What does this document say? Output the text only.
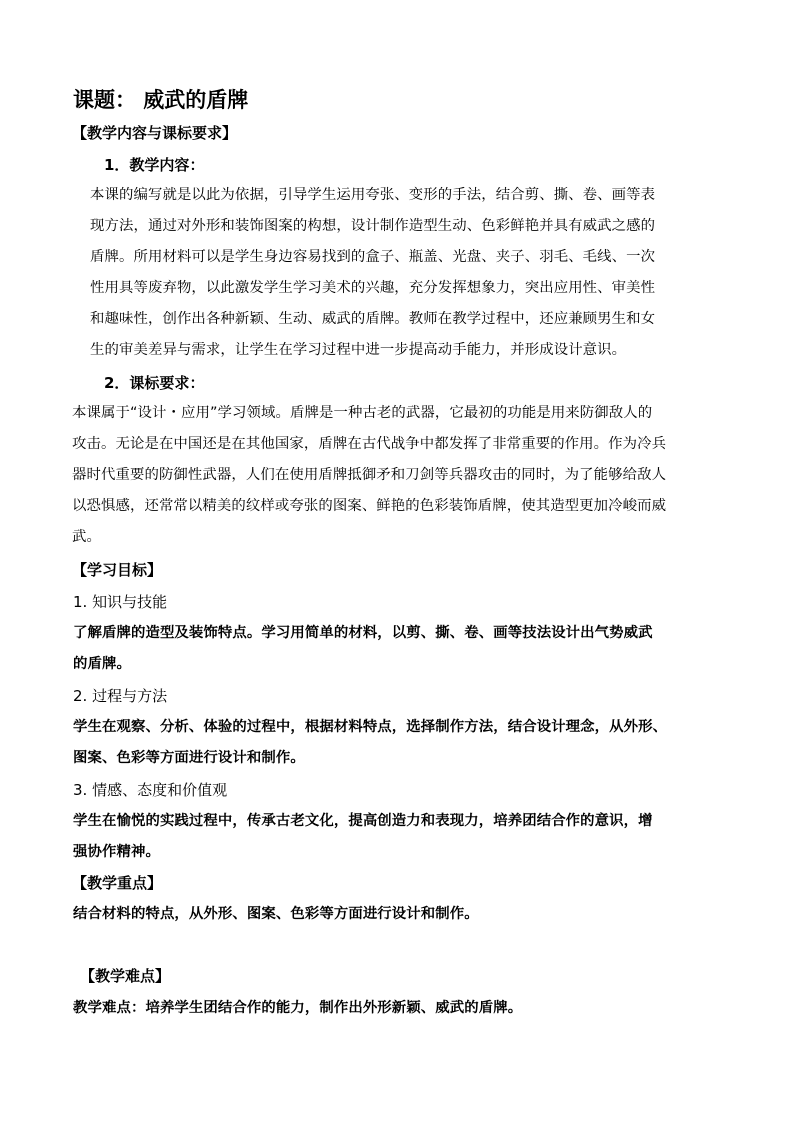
课题： 威武的盾牌
【教学内容与课标要求】
1．教学内容：
本课的编写就是以此为依据，引导学生运用夸张、变形的手法，结合剪、撕、卷、画等表
现方法，通过对外形和装饰图案的构想，设计制作造型生动、色彩鲜艳并具有威武之感的
盾牌。所用材料可以是学生身边容易找到的盒子、瓶盖、光盘、夹子、羽毛、毛线、一次
性用具等废弃物，以此激发学生学习美术的兴趣，充分发挥想象力，突出应用性、审美性
和趣味性，创作出各种新颖、生动、威武的盾牌。教师在教学过程中，还应兼顾男生和女
生的审美差异与需求，让学生在学习过程中进一步提高动手能力，并形成设计意识。
2．课标要求：
本课属于“设计・应用”学习领域。盾牌是一种古老的武器，它最初的功能是用来防御敌人的
攻击。无论是在中国还是在其他国家，盾牌在古代战争中都发挥了非常重要的作用。作为冷兵
器时代重要的防御性武器，人们在使用盾牌抵御矛和刀剑等兵器攻击的同时，为了能够给敌人
以恐惧感，还常常以精美的纹样或夸张的图案、鲜艳的色彩装饰盾牌，使其造型更加冷峻而威
武。
【学习目标】
1. 知识与技能
了解盾牌的造型及装饰特点。学习用简单的材料，以剪、撕、卷、画等技法设计出气势威武
的盾牌。
2. 过程与方法
学生在观察、分析、体验的过程中，根据材料特点，选择制作方法，结合设计理念，从外形、
图案、色彩等方面进行设计和制作。
3. 情感、态度和价值观
学生在愉悦的实践过程中，传承古老文化，提高创造力和表现力，培养团结合作的意识，增
强协作精神。
【教学重点】
结合材料的特点，从外形、图案、色彩等方面进行设计和制作。
【教学难点】
教学难点：培养学生团结合作的能力，制作出外形新颖、威武的盾牌。
